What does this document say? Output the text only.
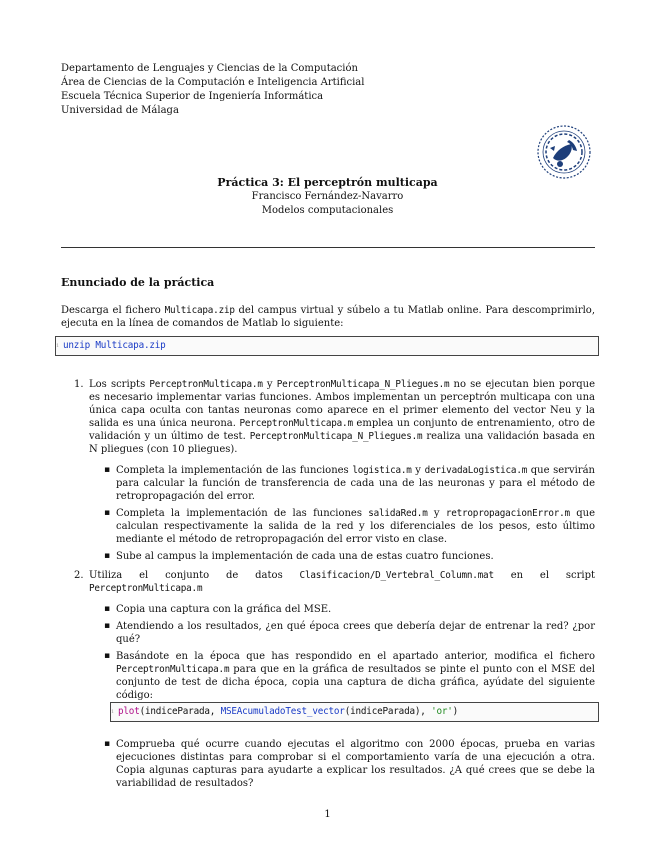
Departamento de Lenguajes y Ciencias de la Computación
Área de Ciencias de la Computación e Inteligencia Artificial
Escuela Técnica Superior de Ingeniería Informática
Universidad de Málaga
Práctica 3: El perceptrón multicapa
Francisco Fernández-Navarro
Modelos computacionales
Enunciado de la práctica
Descarga el fichero Multicapa.zip del campus virtual y súbelo a tu Matlab online. Para descomprimirlo, ejecuta en la línea de comandos de Matlab lo siguiente:
1 unzip Multicapa.zip
1. Los scripts PerceptronMulticapa.m y PerceptronMulticapa_N_Pliegues.m no se ejecutan bien porque es necesario implementar varias funciones. Ambos implementan un perceptrón multicapa con una única capa oculta con tantas neuronas como aparece en el primer elemento del vector Neu y la salida es una única neurona. PerceptronMulticapa.m emplea un conjunto de entrenamiento, otro de validación y un último de test. PerceptronMulticapa_N_Pliegues.m realiza una validación basada en N pliegues (con 10 pliegues).
▪ Completa la implementación de las funciones logistica.m y derivadaLogistica.m que servirán para calcular la función de transferencia de cada una de las neuronas y para el método de retropropagación del error.
▪ Completa la implementación de las funciones salidaRed.m y retropropagacionError.m que calculan respectivamente la salida de la red y los diferenciales de los pesos, esto último mediante el método de retropropagación del error visto en clase.
▪ Sube al campus la implementación de cada una de estas cuatro funciones.
2. Utiliza el conjunto de datos Clasificacion/D_Vertebral_Column.mat en el script PerceptronMulticapa.m
▪ Copia una captura con la gráfica del MSE.
▪ Atendiendo a los resultados, ¿en qué época crees que debería dejar de entrenar la red? ¿por qué?
▪ Basándote en la época que has respondido en el apartado anterior, modifica el fichero PerceptronMulticapa.m para que en la gráfica de resultados se pinte el punto con el MSE del conjunto de test de dicha época, copia una captura de dicha gráfica, ayúdate del siguiente código:
▪ Comprueba qué ocurre cuando ejecutas el algoritmo con 2000 épocas, prueba en varias ejecuciones distintas para comprobar si el comportamiento varía de una ejecución a otra. Copia algunas capturas para ayudarte a explicar los resultados. ¿A qué crees que se debe la variabilidad de resultados?
1 plot(indiceParada, MSEAcumuladoTest_vector(indiceParada), 'or')
1
